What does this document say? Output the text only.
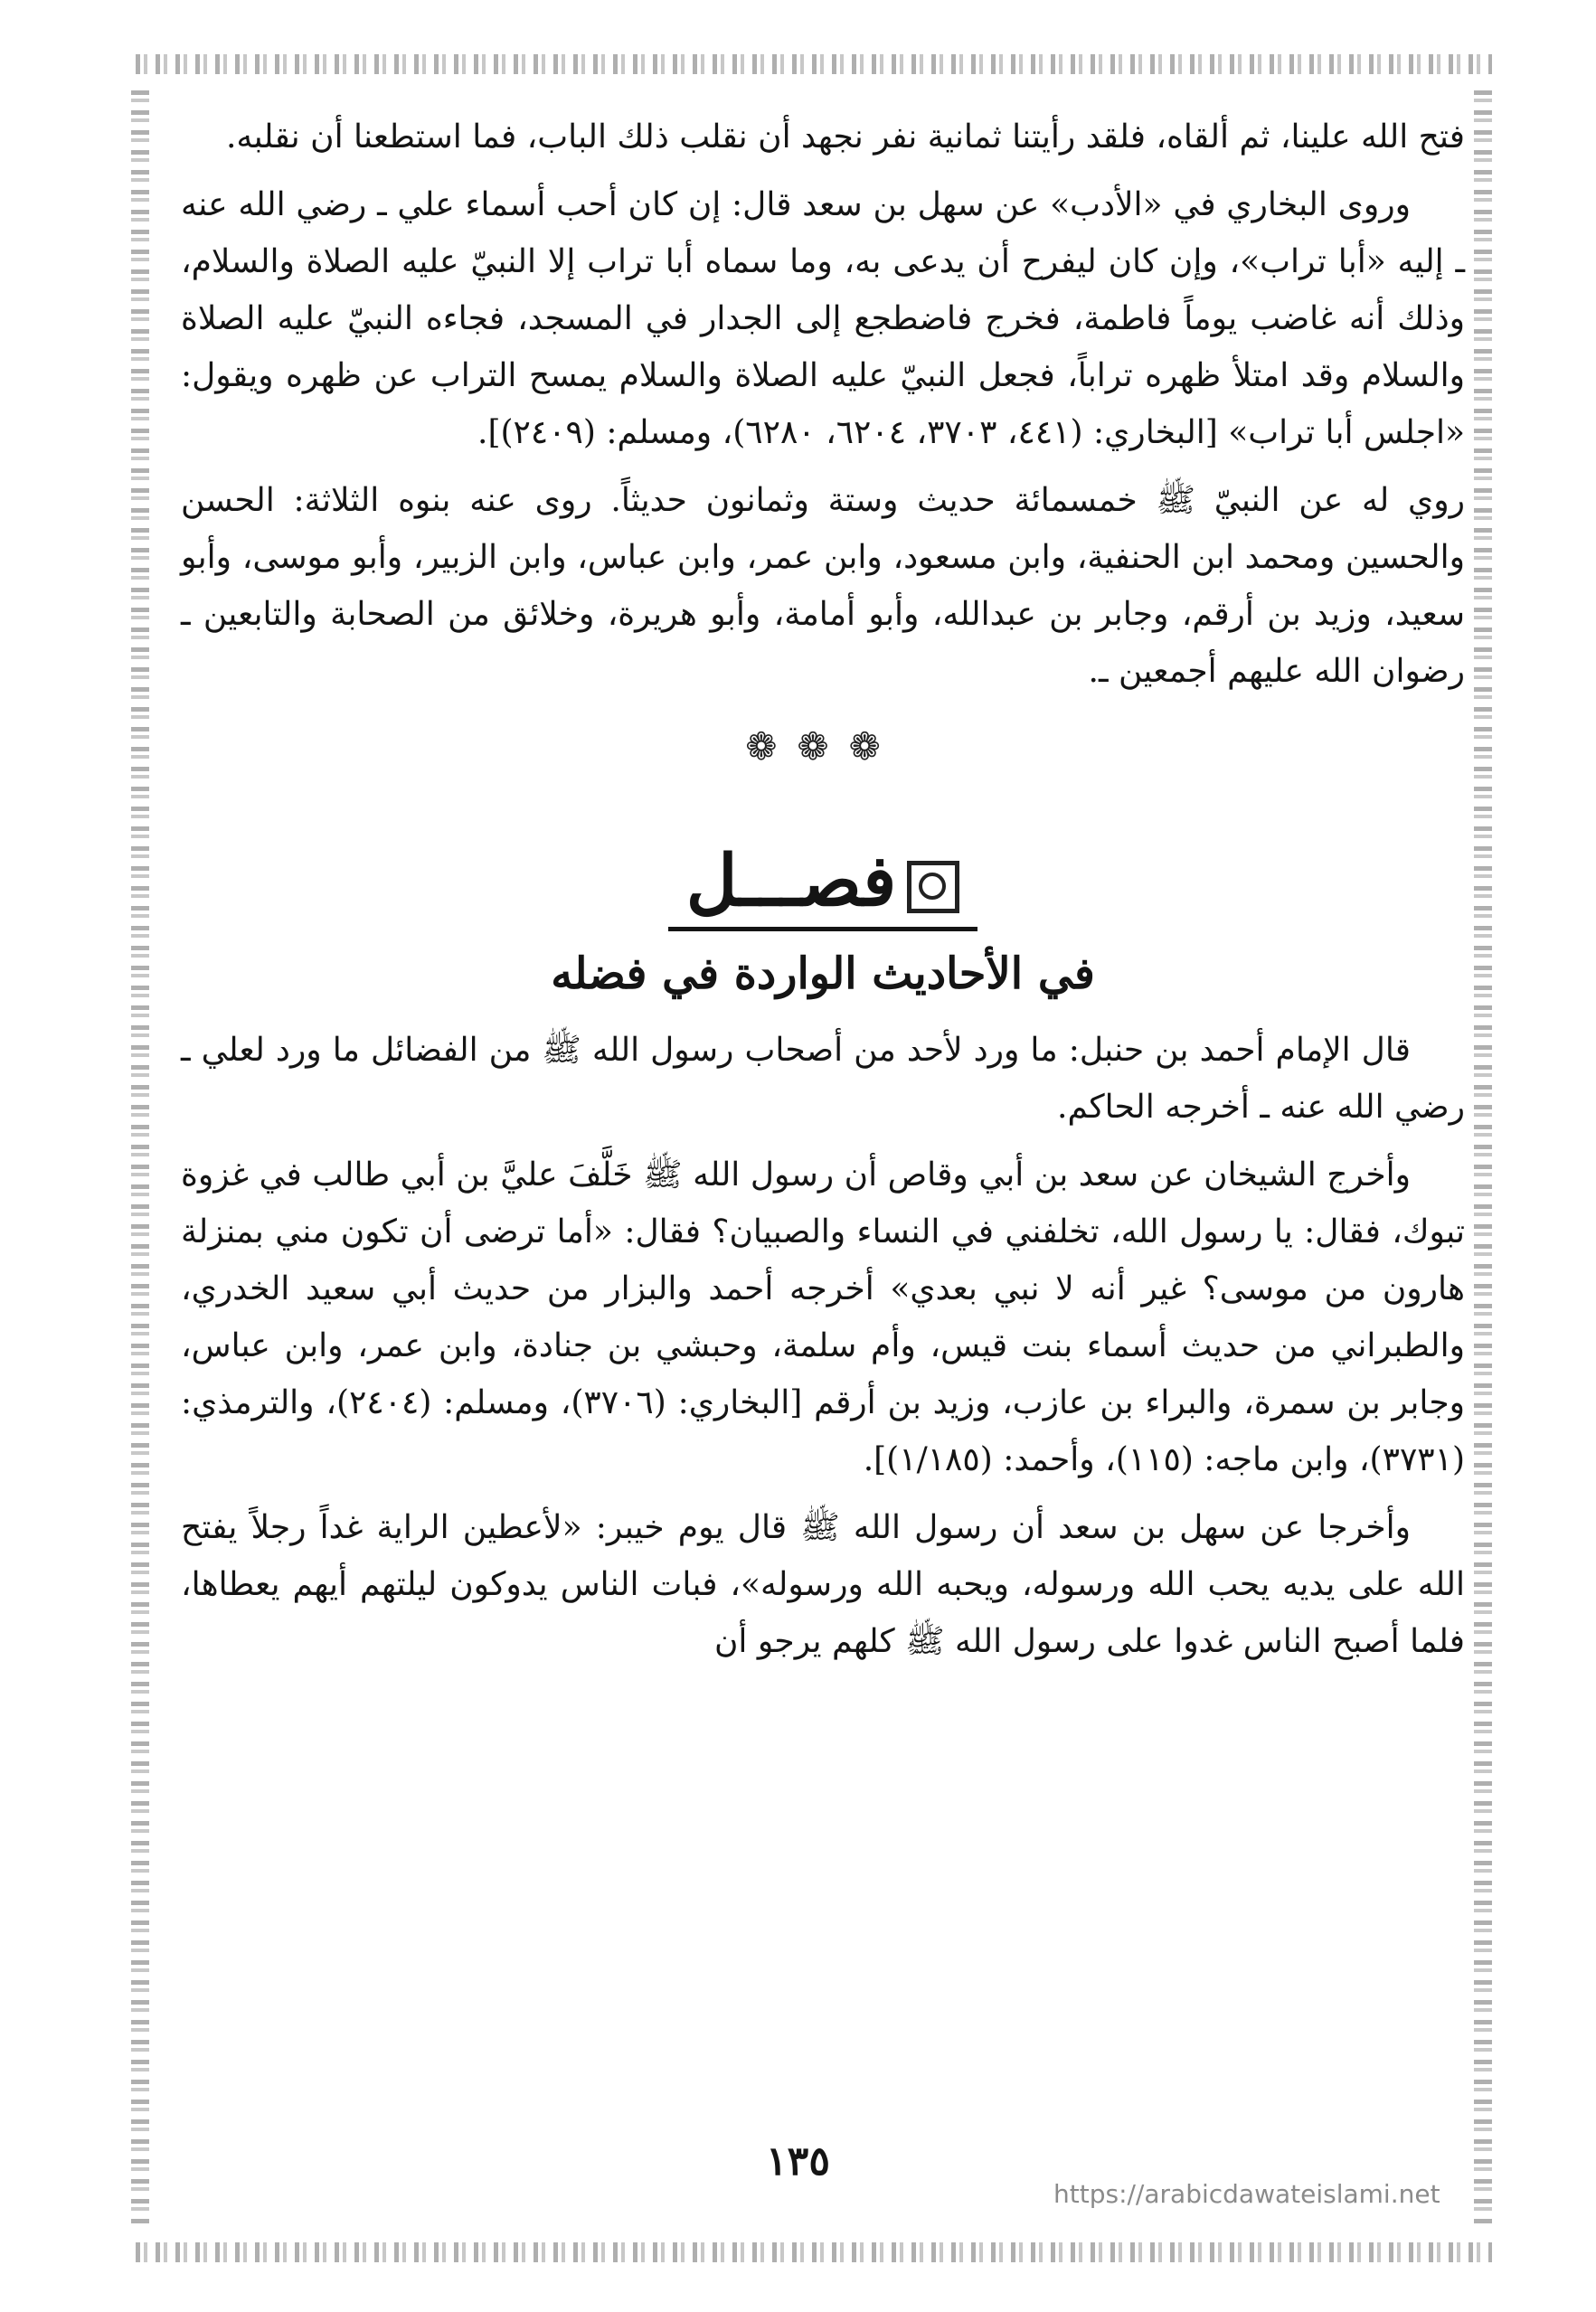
فتح الله علينا، ثم ألقاه، فلقد رأيتنا ثمانية نفر نجهد أن نقلب ذلك الباب، فما استطعنا أن نقلبه.

وروى البخاري في «الأدب» عن سهل بن سعد قال: إن كان أحب أسماء علي ـ رضي الله عنه ـ إليه «أبا تراب»، وإن كان ليفرح أن يدعى به، وما سماه أبا تراب إلا النبيّ عليه الصلاة والسلام، وذلك أنه غاضب يوماً فاطمة، فخرج فاضطجع إلى الجدار في المسجد، فجاءه النبيّ عليه الصلاة والسلام وقد امتلأ ظهره تراباً، فجعل النبيّ عليه الصلاة والسلام يمسح التراب عن ظهره ويقول: «اجلس أبا تراب» [البخاري: (٤٤١، ٣٧٠٣، ٦٢٠٤، ٦٢٨٠)، ومسلم: (٢٤٠٩)].

روي له عن النبيّ ﷺ خمسمائة حديث وستة وثمانون حديثاً. روى عنه بنوه الثلاثة: الحسن والحسين ومحمد ابن الحنفية، وابن مسعود، وابن عمر، وابن عباس، وابن الزبير، وأبو موسى، وأبو سعيد، وزيد بن أرقم، وجابر بن عبدالله، وأبو أمامة، وأبو هريرة، وخلائق من الصحابة والتابعين ـ رضوان الله عليهم أجمعين ـ.

❁❁❁
فصـــل
في الأحاديث الواردة في فضله

قال الإمام أحمد بن حنبل: ما ورد لأحد من أصحاب رسول الله ﷺ من الفضائل ما ورد لعلي ـ رضي الله عنه ـ أخرجه الحاكم.

وأخرج الشيخان عن سعد بن أبي وقاص أن رسول الله ﷺ خَلَّفَ عليَّ بن أبي طالب في غزوة تبوك، فقال: يا رسول الله، تخلفني في النساء والصبيان؟ فقال: «أما ترضى أن تكون مني بمنزلة هارون من موسى؟ غير أنه لا نبي بعدي» أخرجه أحمد والبزار من حديث أبي سعيد الخدري، والطبراني من حديث أسماء بنت قيس، وأم سلمة، وحبشي بن جنادة، وابن عمر، وابن عباس، وجابر بن سمرة، والبراء بن عازب، وزيد بن أرقم [البخاري: (٣٧٠٦)، ومسلم: (٢٤٠٤)، والترمذي: (٣٧٣١)، وابن ماجه: (١١٥)، وأحمد: (١/١٨٥)].

وأخرجا عن سهل بن سعد أن رسول الله ﷺ قال يوم خيبر: «لأعطين الراية غداً رجلاً يفتح الله على يديه يحب الله ورسوله، ويحبه الله ورسوله»، فبات الناس يدوكون ليلتهم أيهم يعطاها، فلما أصبح الناس غدوا على رسول الله ﷺ كلهم يرجو أن

١٣٥
https://arabicdawateislami.net
